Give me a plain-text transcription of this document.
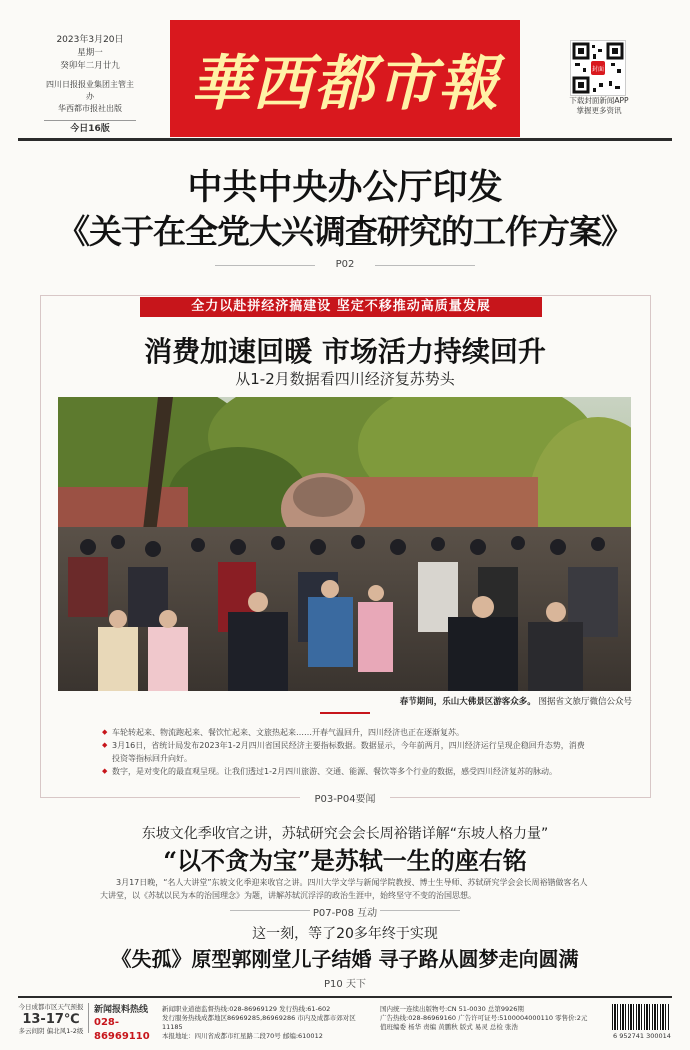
2023年3月20日
星期一
癸卯年二月廿九
四川日报报业集团主管主办
华西都市报社出版
今日16版
華西都市報	封面
下载封面新闻APP
掌握更多资讯
中共中央办公厅印发
《关于在全党大兴调查研究的工作方案》
P02
全力以赴拼经济搞建设 坚定不移推动高质量发展
消费加速回暖 市场活力持续回升
从1-2月数据看四川经济复苏势头
春节期间，乐山大佛景区游客众多。 图据省文旅厅微信公众号
◆ 车轮转起来、物流跑起来、餐饮忙起来、文旅热起来……开春气温回升，四川经济也正在逐渐复苏。
◆ 3月16日，省统计局发布2023年1-2月四川省国民经济主要指标数据。数据显示，今年前两月，四川经济运行呈现企稳回升态势，消费投资等指标回升向好。
◆ 数字，是对变化的最直观呈现。让我们透过1-2月四川旅游、交通、能源、餐饮等多个行业的数据，感受四川经济复苏的脉动。
P03-P04要闻
东坡文化季收官之讲，苏轼研究会会长周裕锴详解“东坡人格力量”
“以不贪为宝”是苏轼一生的座右铭
3月17日晚，“名人大讲堂”东坡文化季迎来收官之讲。四川大学文学与新闻学院教授、博士生导师、苏轼研究学会会长周裕锴做客名人大讲堂，以《苏轼以民为本的治国理念》为题，讲解苏轼沉浮浮的政治生涯中，始终坚守不变的治国思想。
P07-P08 互动
这一刻，等了20多年终于实现
《失孤》原型郭刚堂儿子结婚 寻子路从圆梦走向圆满
P10 天下
今日成都市区天气预报
13-17℃
多云间阴 偏北风1-2级
新闻报料热线
028-86969110
新闻职业道德监督热线:028-86969129 发行热线:61-602
发行服务热线成都地区86969285,86969286 市内及成都市郊对区11185
本报地址：四川省成都市红星路二段70号 邮编:610012
国内统一连续出版物号:CN 51-0030 总第9926期
广告热线:028-86969160 广告许可证号:5100004000110 零售价:2元
值班编委 杨华 责编 黄鹏秋 版式 易灵 总检 张浩
6 952741 300014
